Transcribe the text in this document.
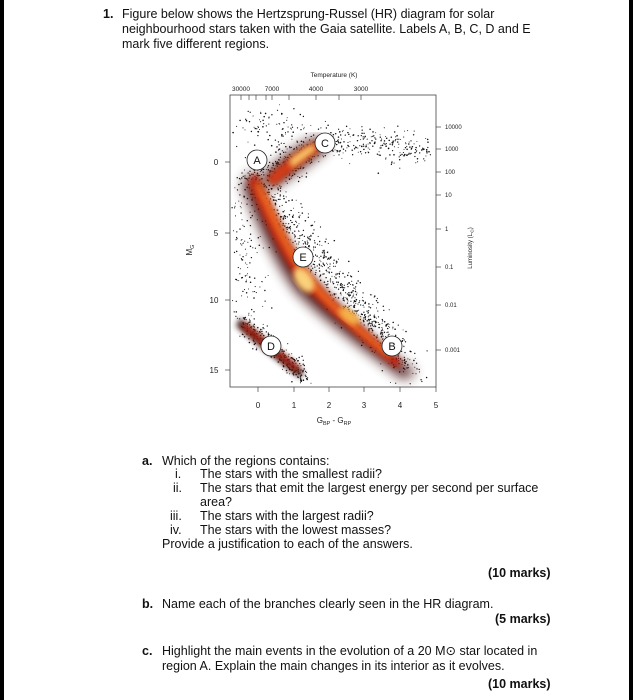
1. Figure below shows the Hertzsprung-Russel (HR) diagram for solar
neighbourhood stars taken with the Gaia satellite. Labels A, B, C, D and E
mark five different regions.
A
B
C
D
E
Temperature (K)
30000 7000	4000	3000
0
5
10
15
$M_G$
0	1	2	3	4	5
$G_{BP} - G_{RP}$
10000
1000
100
10
1
0.1
0.01
0.001
Luminosity $(L_⊙)$
a. Which of the regions contains:
i. The stars with the smallest radii?
ii. The stars that emit the largest energy per second per surface
area?
iii. The stars with the largest radii?
iv. The stars with the lowest masses?
Provide a justification to each of the answers.
(10 marks)
b. Name each of the branches clearly seen in the HR diagram.
(5 marks)
c. Highlight the main events in the evolution of a 20 M⊙ star located in
region A. Explain the main changes in its interior as it evolves.
(10 marks)
